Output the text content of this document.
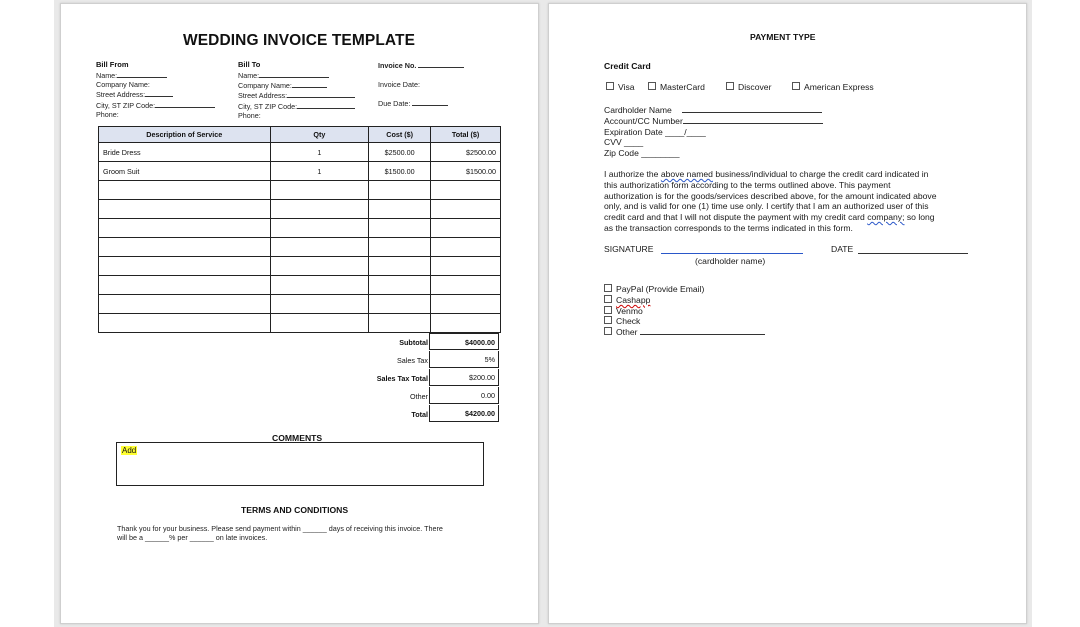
WEDDING INVOICE TEMPLATE
Bill From
Name:
Company Name:
Street Address:
City, ST ZIP Code:
Phone:
Bill To
Name:
Company Name:
Street Address:
City, ST ZIP Code:
Phone:
Invoice No.
Invoice Date:
Due Date:
Description of Service	Qty	Cost ($)	Total ($)
Bride Dress	1	$2500.00	$2500.00
Groom Suit	1	$1500.00	$1500.00

Subtotal	$4000.00
Sales Tax	5%
Sales Tax Total	$200.00
Other	0.00
Total	$4200.00
COMMENTS
Add
TERMS AND CONDITIONS
Thank you for your business. Please send payment within ______ days of receiving this invoice. There
will be a ______% per ______ on late invoices.
PAYMENT TYPE
Credit Card
Visa	MasterCard	Discover	American Express
Cardholder Name
Account/CC Number
Expiration Date ____/____
CVV ____
Zip Code ________
I authorize the above named business/individual to charge the credit card indicated in
this authorization form according to the terms outlined above. This payment
authorization is for the goods/services described above, for the amount indicated above
only, and is valid for one (1) time use only. I certify that I am an authorized user of this
credit card and that I will not dispute the payment with my credit card company; so long
as the transaction corresponds to the terms indicated in this form.
SIGNATURE	DATE
(cardholder name)
PayPal (Provide Email)
Cashapp
Venmo
Check
Other
